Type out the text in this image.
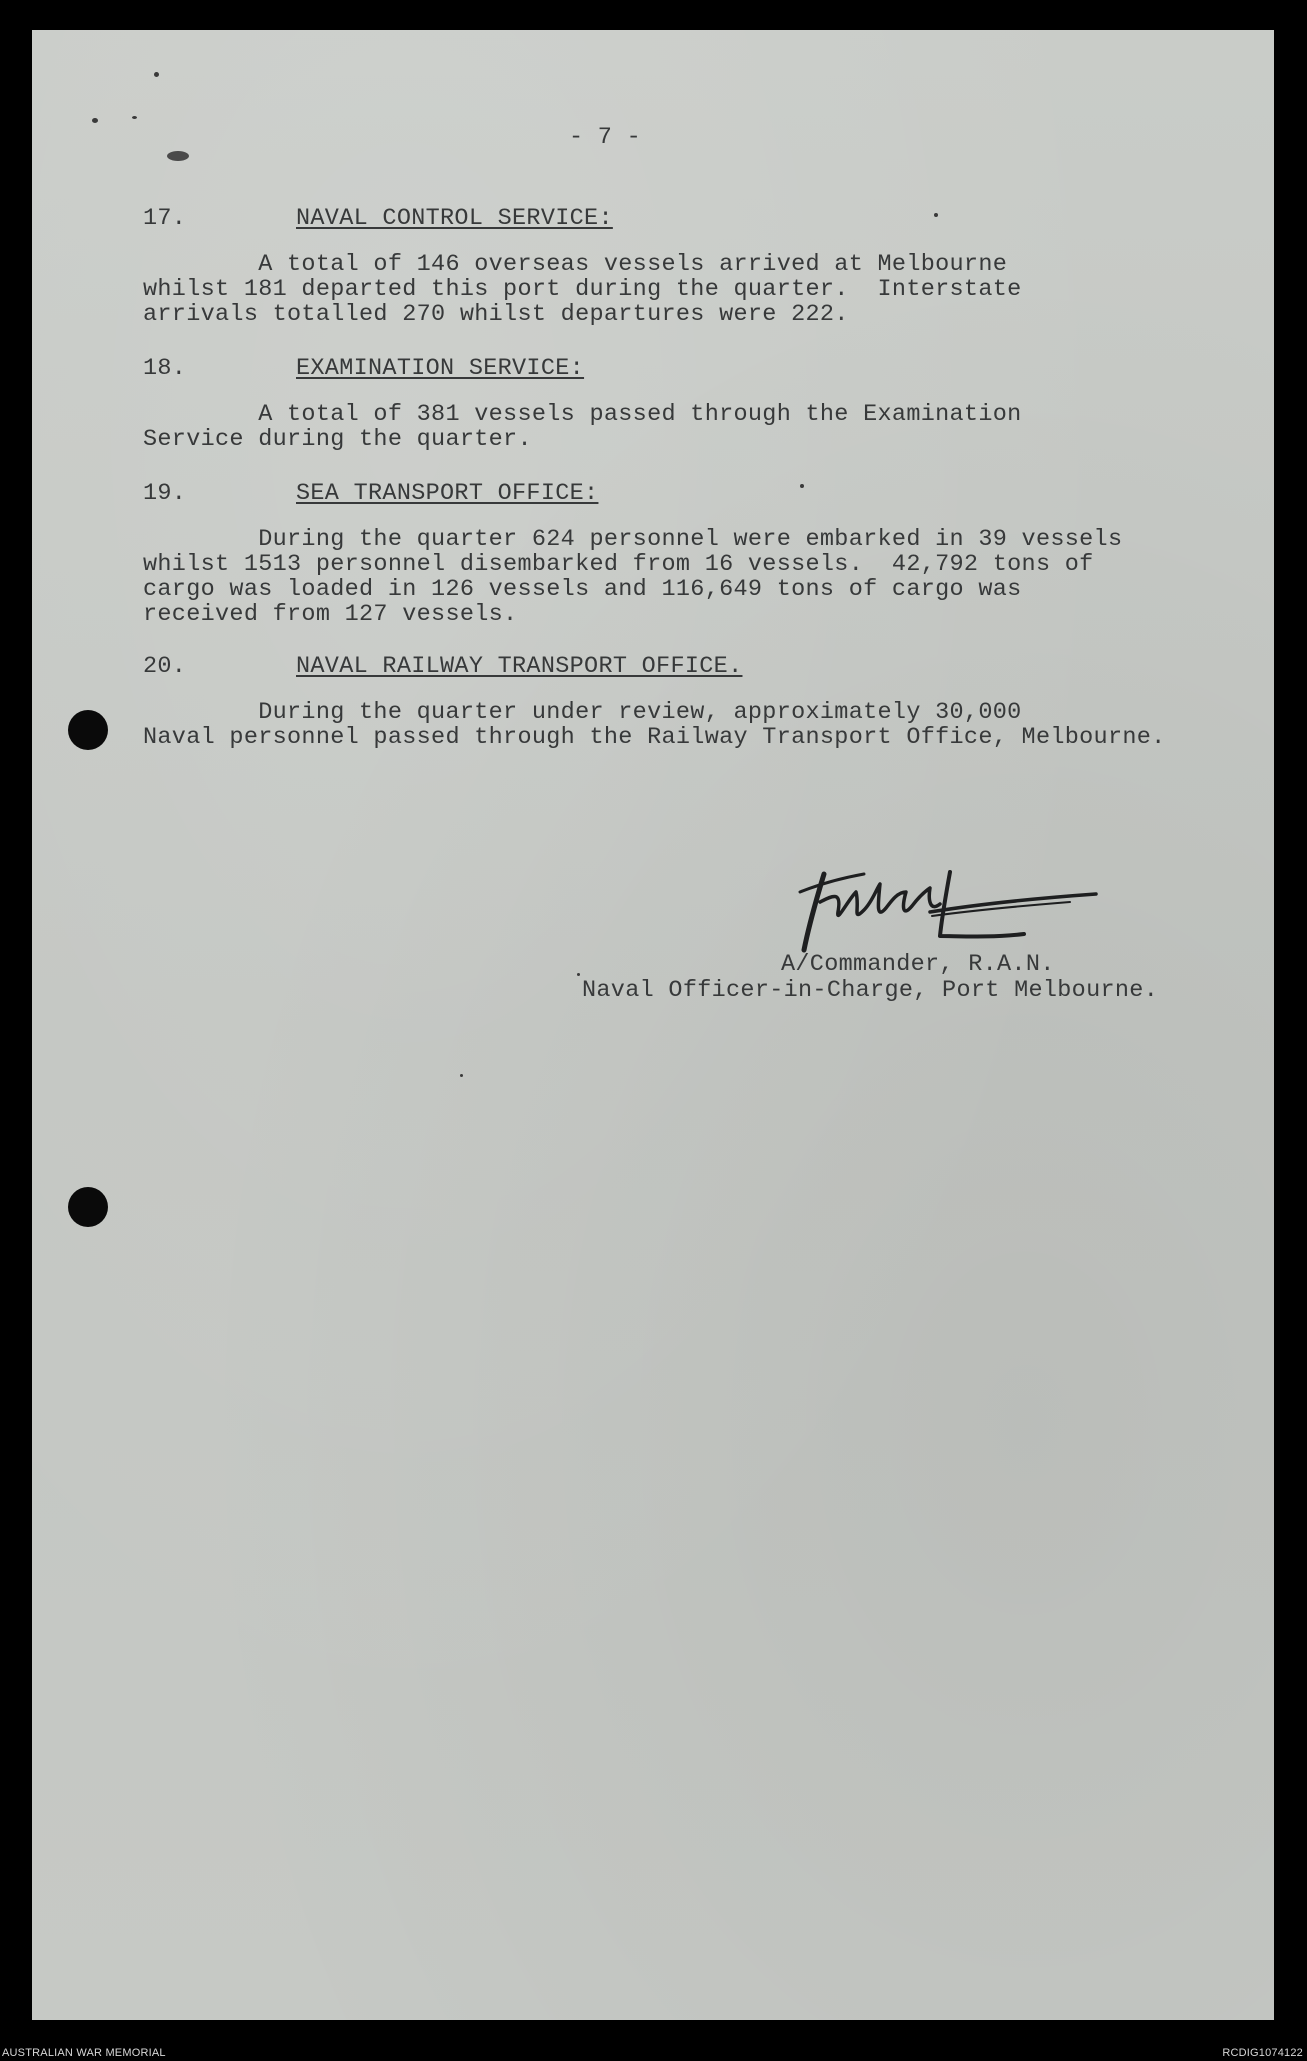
- 7 -
17.	NAVAL CONTROL SERVICE:
A total of 146 overseas vessels arrived at Melbourne
whilst 181 departed this port during the quarter.  Interstate
arrivals totalled 270 whilst departures were 222.
18.	EXAMINATION SERVICE:
A total of 381 vessels passed through the Examination
Service during the quarter.
19.	SEA TRANSPORT OFFICE:
During the quarter 624 personnel were embarked in 39 vessels
whilst 1513 personnel disembarked from 16 vessels.  42,792 tons of
cargo was loaded in 126 vessels and 116,649 tons of cargo was
received from 127 vessels.
20.	NAVAL RAILWAY TRANSPORT OFFICE.
During the quarter under review, approximately 30,000
Naval personnel passed through the Railway Transport Office, Melbourne.
A/Commander, R.A.N.
Naval Officer-in-Charge, Port Melbourne.
AUSTRALIAN WAR MEMORIAL	RCDIG1074122
